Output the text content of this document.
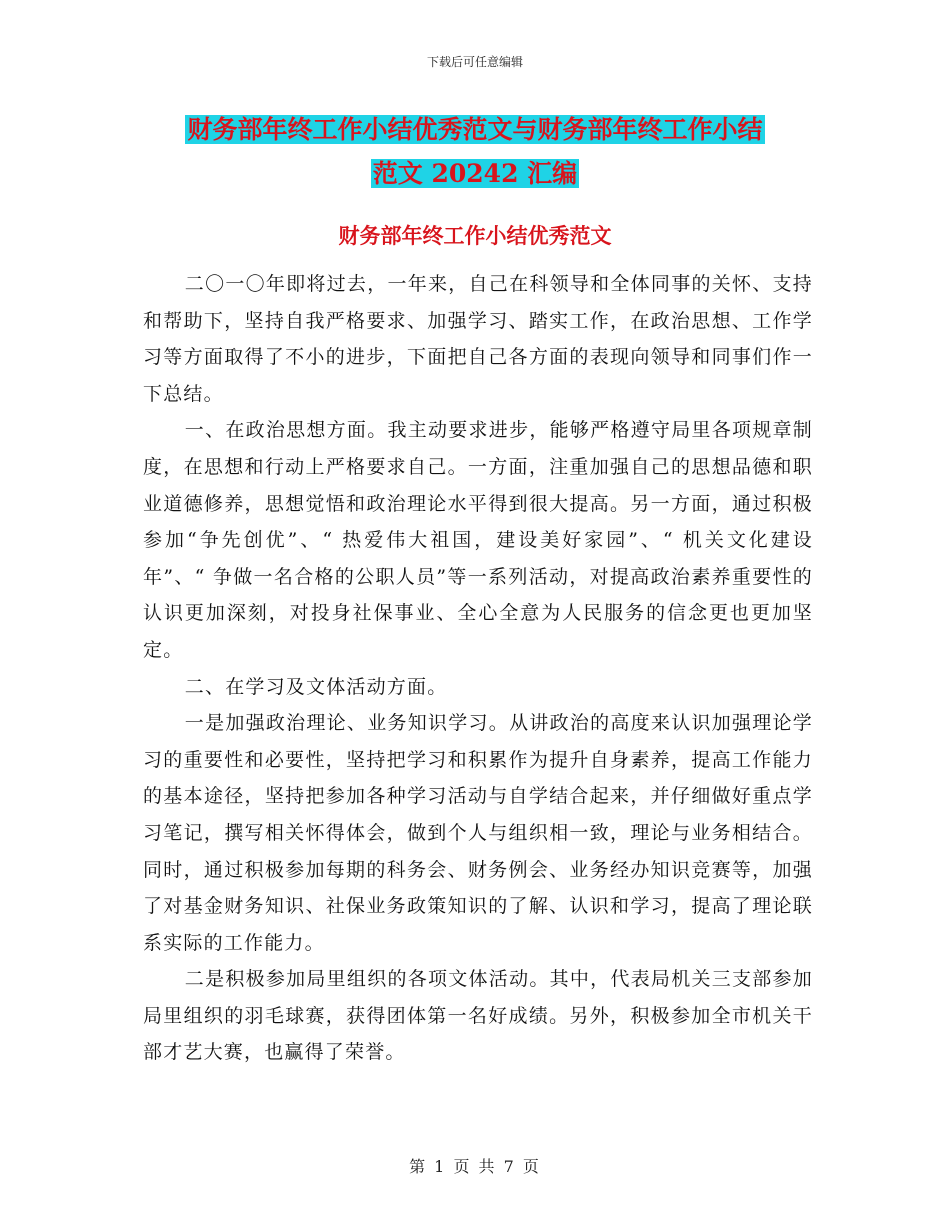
下载后可任意编辑
财务部年终工作小结优秀范文与财务部年终工作小结
范文 20242 汇编
财务部年终工作小结优秀范文

二〇一〇年即将过去，一年来，自己在科领导和全体同事的关怀、支持和帮助下，坚持自我严格要求、加强学习、踏实工作，在政治思想、工作学习等方面取得了不小的进步，下面把自己各方面的表现向领导和同事们作一下总结。

一、在政治思想方面。我主动要求进步，能够严格遵守局里各项规章制度，在思想和行动上严格要求自己。一方面，注重加强自己的思想品德和职业道德修养，思想觉悟和政治理论水平得到很大提高。另一方面，通过积极参加“争先创优”、“ 热爱伟大祖国，建设美好家园”、“ 机关文化建设年”、“ 争做一名合格的公职人员”等一系列活动，对提高政治素养重要性的认识更加深刻，对投身社保事业、全心全意为人民服务的信念更也更加坚定。

二、在学习及文体活动方面。

一是加强政治理论、业务知识学习。从讲政治的高度来认识加强理论学习的重要性和必要性，坚持把学习和积累作为提升自身素养，提高工作能力的基本途径，坚持把参加各种学习活动与自学结合起来，并仔细做好重点学习笔记，撰写相关怀得体会，做到个人与组织相一致，理论与业务相结合。同时，通过积极参加每期的科务会、财务例会、业务经办知识竞赛等，加强了对基金财务知识、社保业务政策知识的了解、认识和学习，提高了理论联系实际的工作能力。

二是积极参加局里组织的各项文体活动。其中，代表局机关三支部参加局里组织的羽毛球赛，获得团体第一名好成绩。另外，积极参加全市机关干部才艺大赛，也赢得了荣誉。

第 1 页 共 7 页
